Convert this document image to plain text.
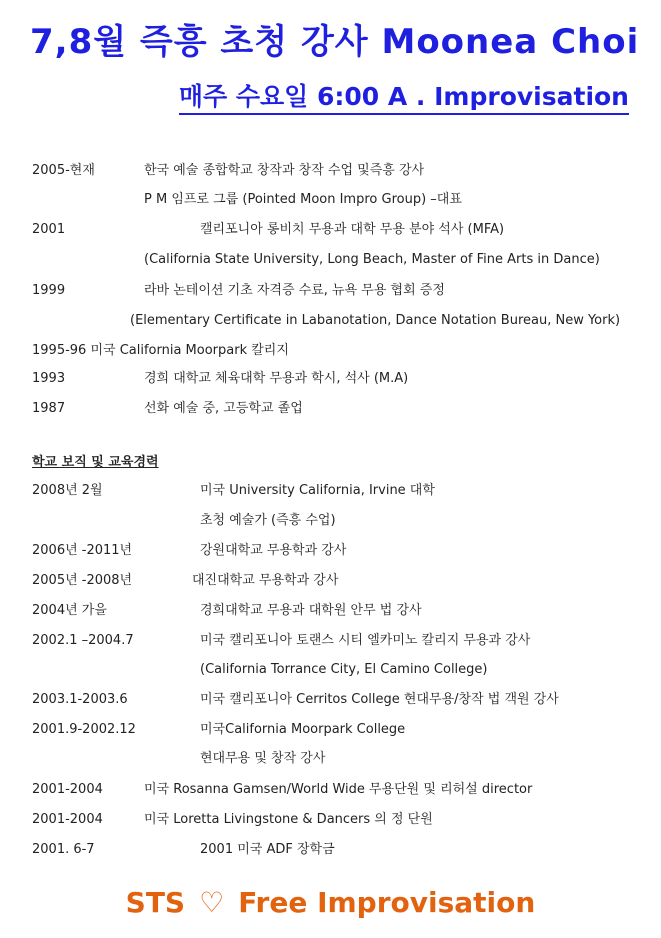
7,8월 즉흥 초청 강사 Moonea Choi
매주 수요일 6:00 A . Improvisation
2005-현재	한국 예술 종합학교 창작과 창작 수업 및즉흥 강사
P M 임프로 그룹 (Pointed Moon Impro Group) –대표
2001	캘리포니아 롱비치 무용과 대학 무용 분야 석사 (MFA)
(California State University, Long Beach, Master of Fine Arts in Dance)
1999	라바 논테이션 기초 자격증 수료, 뉴욕 무용 협회 증정
(Elementary Certificate in Labanotation, Dance Notation Bureau, New York)
1995-96 미국 California Moorpark 칼리지
1993	경희 대학교 체육대학 무용과 학시, 석사 (M.A)
1987	선화 예술 중, 고등학교 졸업
학교 보직 및 교육경력
2008년 2월	미국 University California, Irvine 대학
초청 예술가 (즉흥 수업)
2006년 -2011년	강원대학교 무용학과 강사
2005년 -2008년	대진대학교 무용학과 강사
2004년 가을	경희대학교 무용과 대학원 안무 법 강사
2002.1 –2004.7	미국 캘리포니아 토랜스 시티 엘카미노 칼리지 무용과 강사
(California Torrance City, El Camino College)
2003.1-2003.6	미국 캘리포니아 Cerritos College 현대무용/창작 법 객원 강사
2001.9-2002.12	미국California Moorpark College
현대무용 및 창작 강사
2001-2004	미국 Rosanna Gamsen/World Wide 무용단원 및 리허설 director
2001-2004	미국 Loretta Livingstone & Dancers 의 정 단원
2001. 6-7	2001 미국 ADF 장학금
STS ♡ Free Improvisation
